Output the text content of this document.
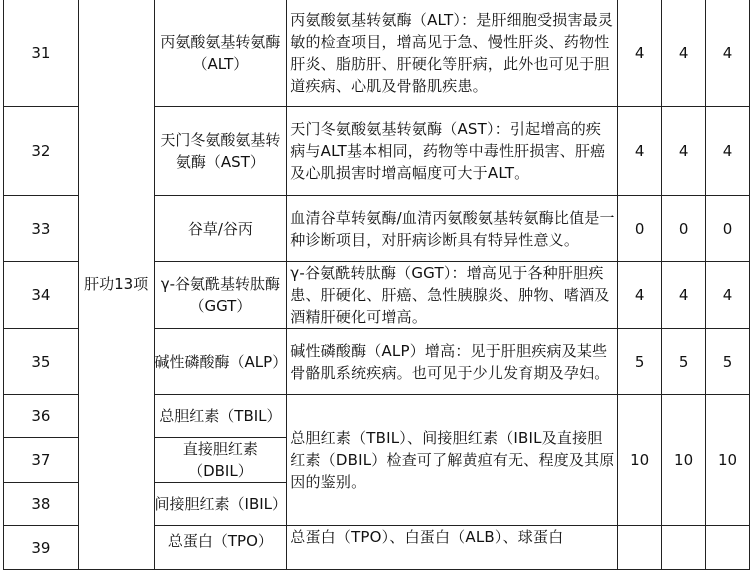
31	肝功13项	丙氨酸氨基转氨酶（ALT）	丙氨酸氨基转氨酶（ALT）：是肝细胞受损害最灵敏的检查项目，增高见于急、慢性肝炎、药物性肝炎、脂肪肝、肝硬化等肝病，此外也可见于胆道疾病、心肌及骨骼肌疾患。	4	4	4
32		天门冬氨酸氨基转氨酶（AST）	天门冬氨酸氨基转氨酶（AST）：引起增高的疾病与ALT基本相同，药物等中毒性肝损害、肝癌及心肌损害时增高幅度可大于ALT。	4	4	4
33		谷草/谷丙	血清谷草转氨酶/血清丙氨酸氨基转氨酶比值是一种诊断项目，对肝病诊断具有特异性意义。	0	0	0
34		γ-谷氨酰基转肽酶（GGT）	γ-谷氨酰转肽酶（GGT）：增高见于各种肝胆疾患、肝硬化、肝癌、急性胰腺炎、肿物、嗜酒及酒精肝硬化可增高。	4	4	4
35		碱性磷酸酶（ALP）	碱性磷酸酶（ALP）增高：见于肝胆疾病及某些骨骼肌系统疾病。也可见于少儿发育期及孕妇。	5	5	5
36		总胆红素（TBIL）	总胆红素（TBIL）、间接胆红素（IBIL及直接胆红素（DBIL）检查可了解黄疸有无、程度及其原因的鉴别。	10	10	10
37		直接胆红素（DBIL）				
38		间接胆红素（IBIL）				
39		总蛋白（TPO）	总蛋白（TPO）、白蛋白（ALB）、球蛋白			
